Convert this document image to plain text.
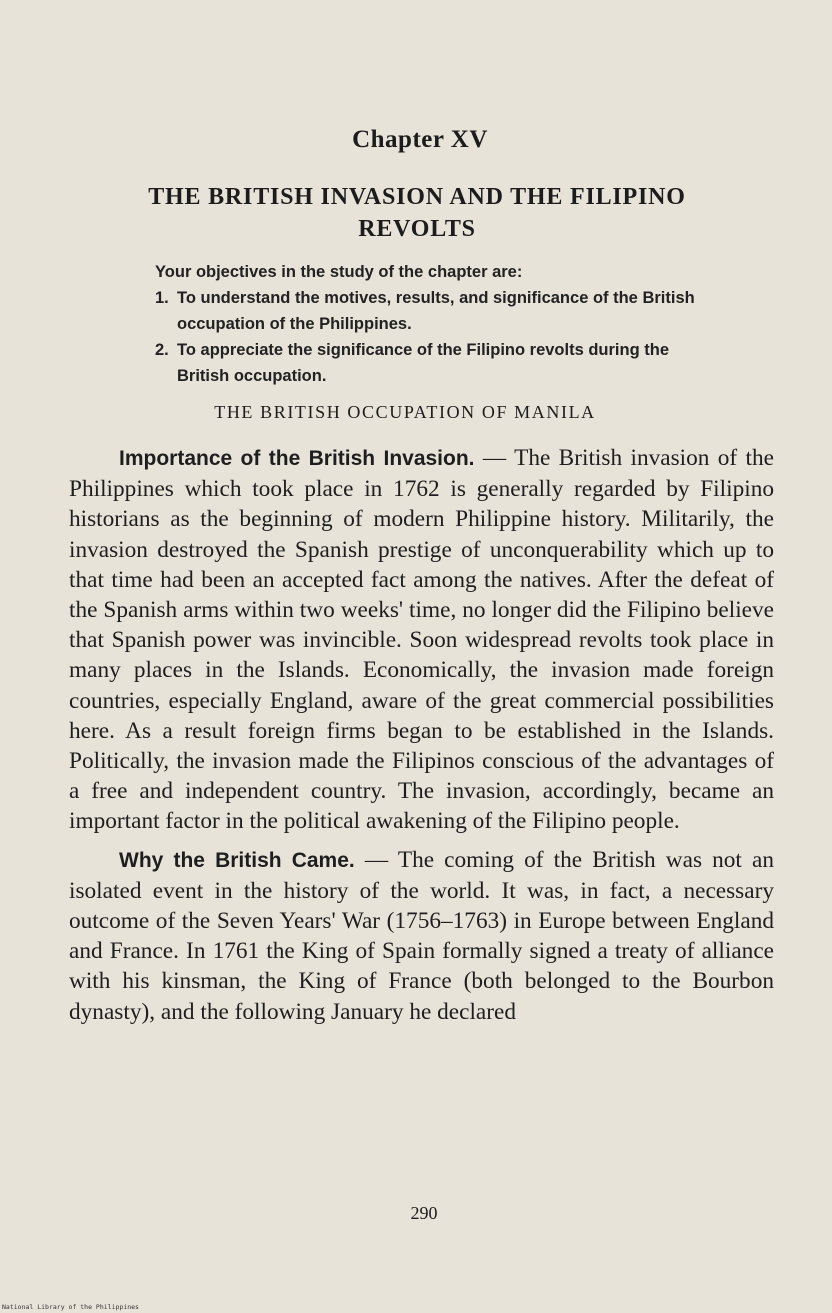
Chapter XV
THE BRITISH INVASION AND THE FILIPINO REVOLTS
Your objectives in the study of the chapter are:
1. To understand the motives, results, and significance of the British occupation of the Philippines.
2. To appreciate the significance of the Filipino revolts during the British occupation.
THE BRITISH OCCUPATION OF MANILA

Importance of the British Invasion. — The British invasion of the Philippines which took place in 1762 is generally regarded by Filipino historians as the beginning of modern Philippine history. Militarily, the invasion destroyed the Spanish prestige of unconquerability which up to that time had been an accepted fact among the natives. After the defeat of the Spanish arms within two weeks' time, no longer did the Filipino believe that Spanish power was invincible. Soon widespread revolts took place in many places in the Islands. Economically, the invasion made foreign countries, especially England, aware of the great commercial possibilities here. As a result foreign firms began to be established in the Islands. Politically, the invasion made the Filipinos conscious of the advantages of a free and independent country. The invasion, accordingly, became an important factor in the political awakening of the Filipino people.

Why the British Came. — The coming of the British was not an isolated event in the history of the world. It was, in fact, a necessary outcome of the Seven Years' War (1756–1763) in Europe between England and France. In 1761 the King of Spain formally signed a treaty of alliance with his kinsman, the King of France (both belonged to the Bourbon dynasty), and the following January he declared

290
National Library of the Philippines
